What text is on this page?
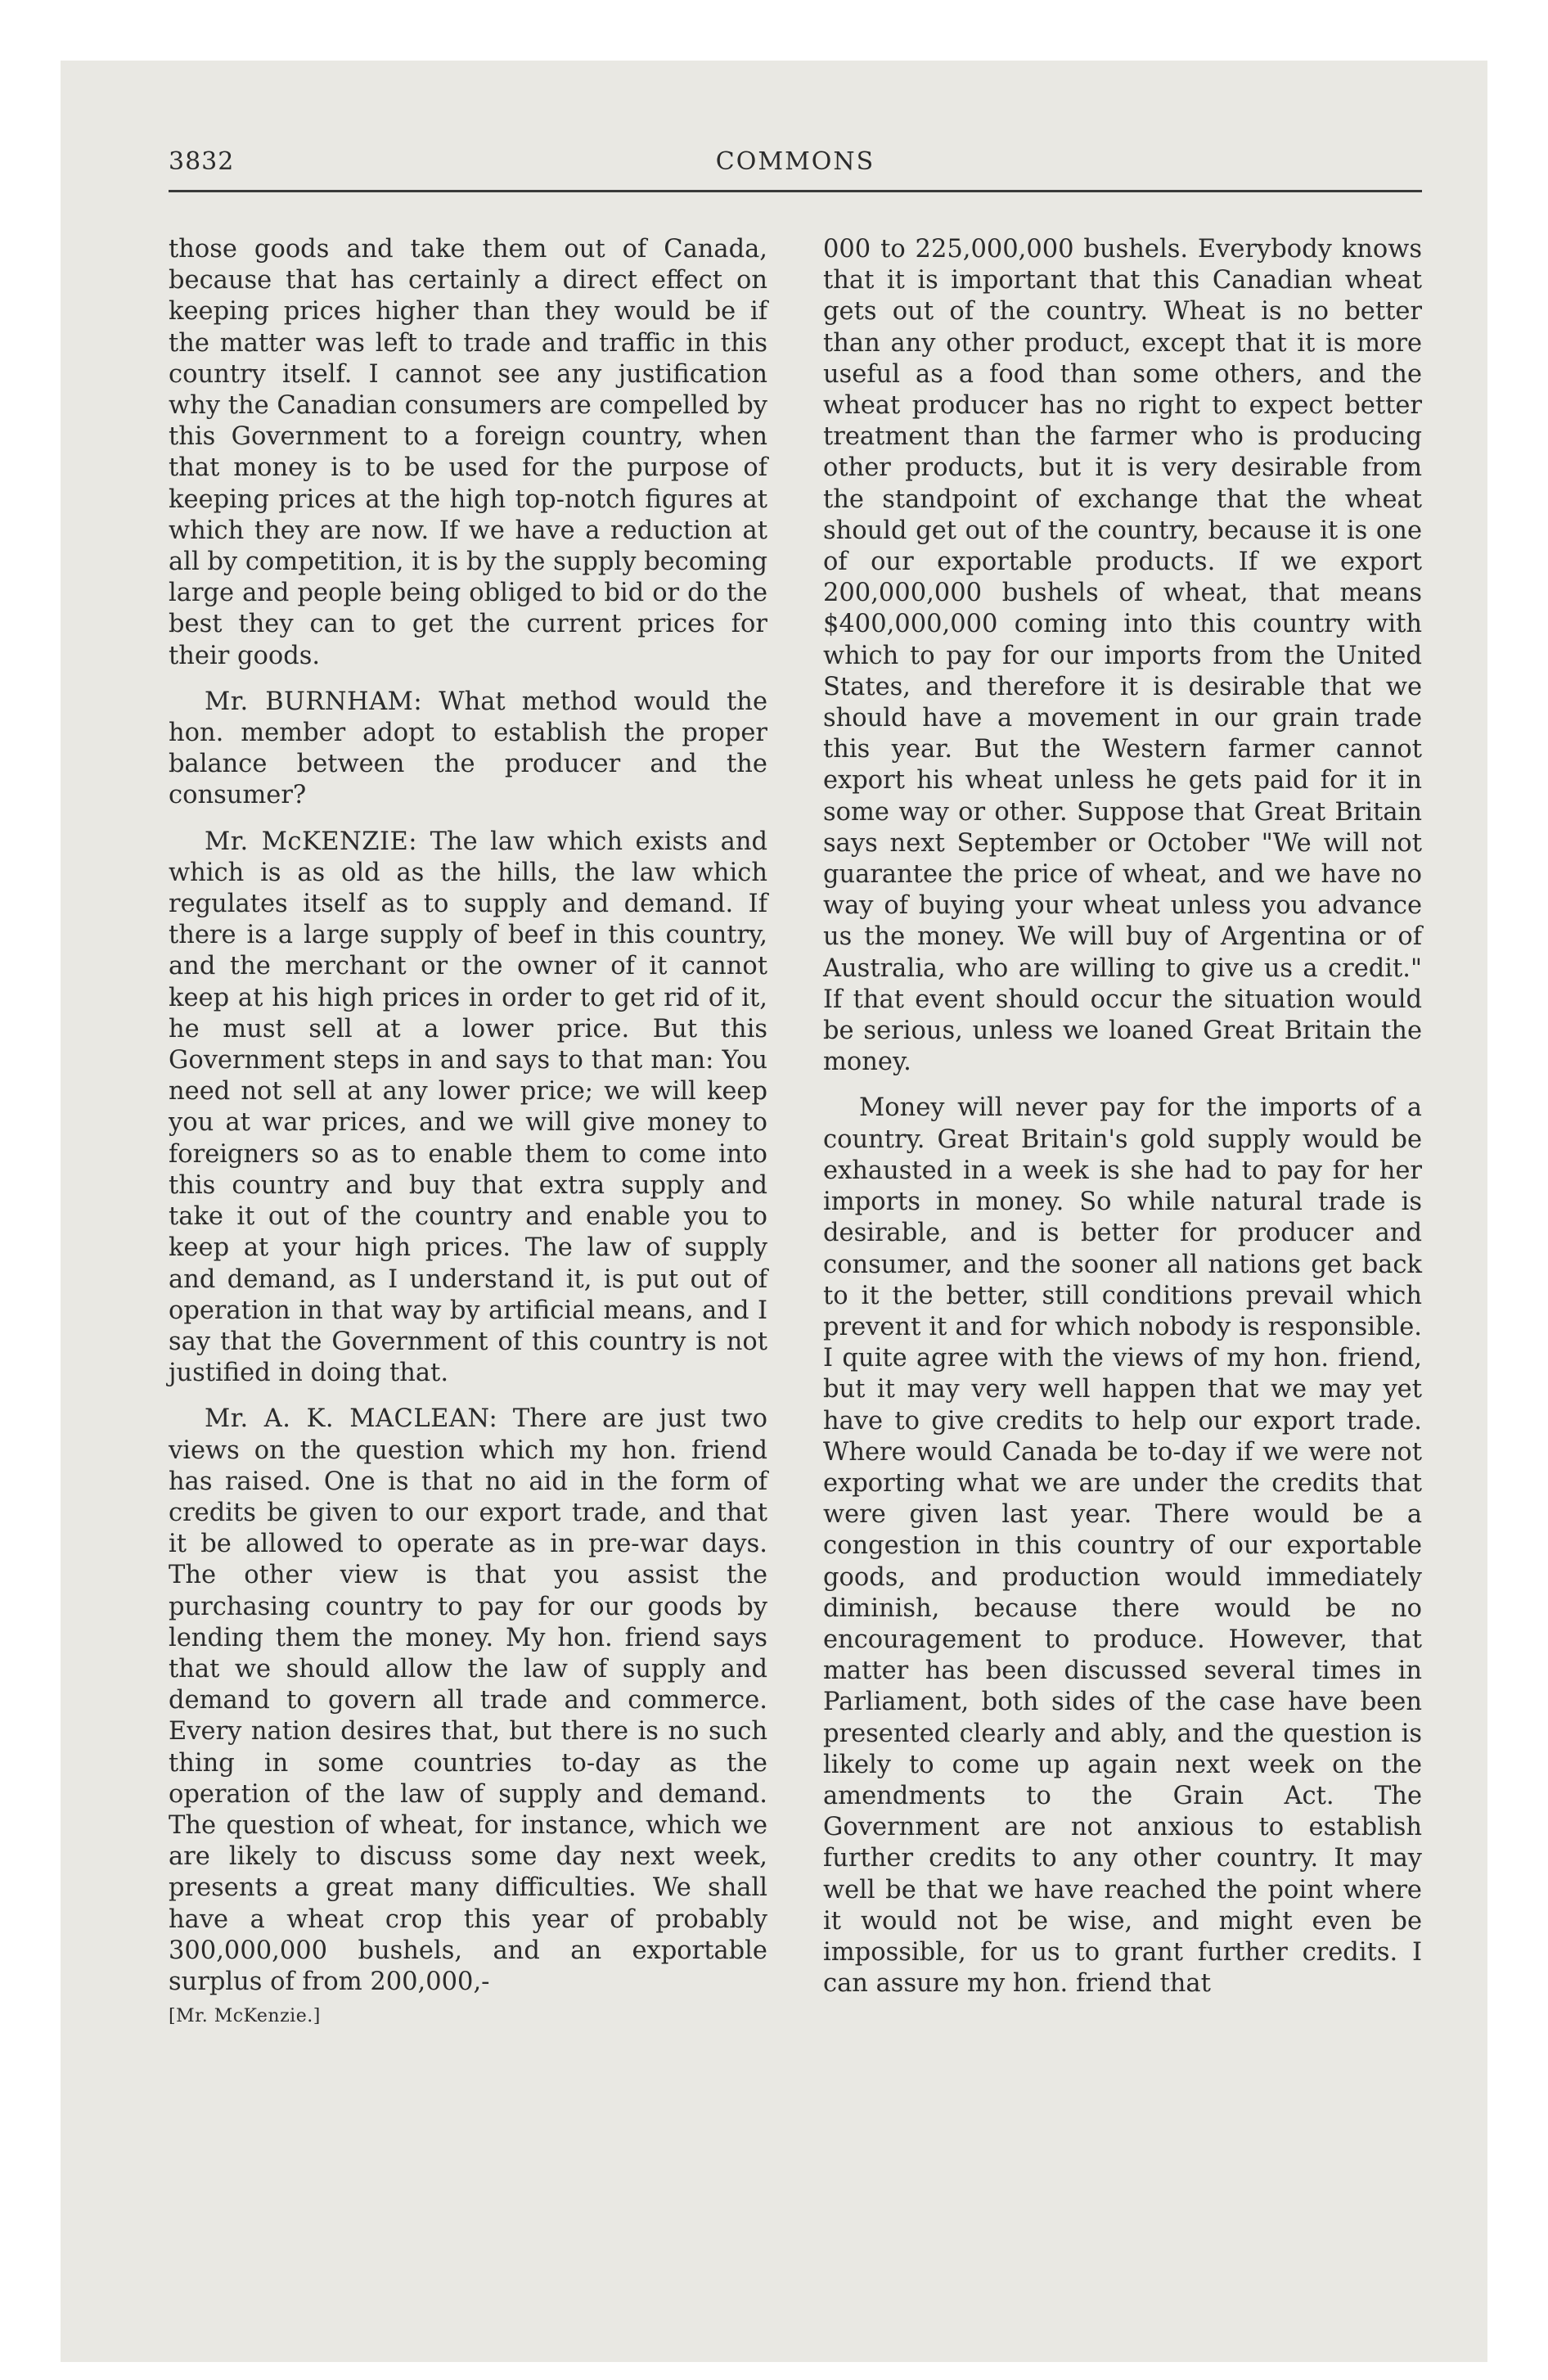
3832	COMMONS

those goods and take them out of Canada, because that has certainly a direct effect on keeping prices higher than they would be if the matter was left to trade and traffic in this country itself. I cannot see any justification why the Canadian consumers are compelled by this Government to a foreign country, when that money is to be used for the purpose of keeping prices at the high top-notch figures at which they are now. If we have a reduction at all by competition, it is by the supply becoming large and people being obliged to bid or do the best they can to get the current prices for their goods.

Mr. BURNHAM: What method would the hon. member adopt to establish the proper balance between the producer and the consumer?

Mr. McKENZIE: The law which exists and which is as old as the hills, the law which regulates itself as to supply and demand. If there is a large supply of beef in this country, and the merchant or the owner of it cannot keep at his high prices in order to get rid of it, he must sell at a lower price. But this Government steps in and says to that man: You need not sell at any lower price; we will keep you at war prices, and we will give money to foreigners so as to enable them to come into this country and buy that extra supply and take it out of the country and enable you to keep at your high prices. The law of supply and demand, as I understand it, is put out of operation in that way by artificial means, and I say that the Government of this country is not justified in doing that.

Mr. A. K. MACLEAN: There are just two views on the question which my hon. friend has raised. One is that no aid in the form of credits be given to our export trade, and that it be allowed to operate as in pre-war days. The other view is that you assist the purchasing country to pay for our goods by lending them the money. My hon. friend says that we should allow the law of supply and demand to govern all trade and commerce. Every nation desires that, but there is no such thing in some countries to-day as the operation of the law of supply and demand. The question of wheat, for instance, which we are likely to discuss some day next week, presents a great many difficulties. We shall have a wheat crop this year of probably 300,000,000 bushels, and an exportable surplus of from 200,000,-

[Mr. McKenzie.]

000 to 225,000,000 bushels. Everybody knows that it is important that this Canadian wheat gets out of the country. Wheat is no better than any other product, except that it is more useful as a food than some others, and the wheat producer has no right to expect better treatment than the farmer who is producing other products, but it is very desirable from the standpoint of exchange that the wheat should get out of the country, because it is one of our exportable products. If we export 200,000,000 bushels of wheat, that means $400,000,000 coming into this country with which to pay for our imports from the United States, and therefore it is desirable that we should have a movement in our grain trade this year. But the Western farmer cannot export his wheat unless he gets paid for it in some way or other. Suppose that Great Britain says next September or October "We will not guarantee the price of wheat, and we have no way of buying your wheat unless you advance us the money. We will buy of Argentina or of Australia, who are willing to give us a credit." If that event should occur the situation would be serious, unless we loaned Great Britain the money.

Money will never pay for the imports of a country. Great Britain's gold supply would be exhausted in a week is she had to pay for her imports in money. So while natural trade is desirable, and is better for producer and consumer, and the sooner all nations get back to it the better, still conditions prevail which prevent it and for which nobody is responsible. I quite agree with the views of my hon. friend, but it may very well happen that we may yet have to give credits to help our export trade. Where would Canada be to-day if we were not exporting what we are under the credits that were given last year. There would be a congestion in this country of our exportable goods, and production would immediately diminish, because there would be no encouragement to produce. However, that matter has been discussed several times in Parliament, both sides of the case have been presented clearly and ably, and the question is likely to come up again next week on the amendments to the Grain Act. The Government are not anxious to establish further credits to any other country. It may well be that we have reached the point where it would not be wise, and might even be impossible, for us to grant further credits. I can assure my hon. friend that
